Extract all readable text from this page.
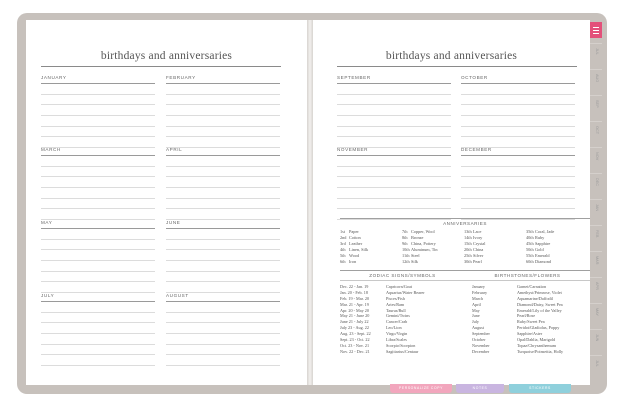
birthdays and anniversaries
JANUARY	FEBRUARY
MARCH	APRIL
MAY	JUNE
JULY	AUGUST
birthdays and anniversaries
SEPTEMBER	OCTOBER
NOVEMBER	DECEMBER
ANNIVERSARIES
1st Paper	7th Copper, Wool	13thLace	35thCoral, Jade
2nd Cotton	8th Bronze	14thIvory	40thRuby
3rd Leather	9th China, Pottery	15thCrystal	45thSapphire
4th Linen, Silk	10thAluminum, Tin	20thChina	50thGold
5th Wood	11th Steel	25thSilver	55thEmerald
6th Iron	12thSilk	30thPearl	60thDiamond
ZODIAC SIGNS/SYMBOLS	BIRTHSTONES/FLOWERS
Dec. 22 - Jan. 19	Capricorn/Goat	January	Garnet/Carnation
Jan. 20 - Feb. 18	Aquarius/Water Bearer	February	Amethyst/Primrose, Violet
Feb. 19 - Mar. 20	Pisces/Fish	March	Aquamarine/Daffodil
Mar. 21 - Apr. 19	Aries/Ram	April	Diamond/Daisy, Sweet Pea
Apr. 20 - May 20	Taurus/Bull	May	Emerald/Lily of the Valley
May 21 - June 20	Gemini/Twins	June	Pearl/Rose
June 21 - July 22	Cancer/Crab	July	Ruby/Sweet Pea
July 23 - Aug. 22	Leo/Lion	August	Peridot/Gladiolus, Poppy
Aug. 23 - Sept. 22	Virgo/Virgin	September	Sapphire/Aster
Sept. 23 - Oct. 22	Libra/Scales	October	Opal/Dahlia, Marigold
Oct. 23 - Nov. 21	Scorpio/Scorpion	November	Topaz/Chrysanthemum
Nov. 22 - Dec. 21	Sagittarius/Centaur	December	Turquoise/Poinsettia, Holly
JUL
AUG
SEP
OCT
NOV
DEC
JAN
FEB
MAR
APR
MAY
JUN
JUL
PERSONALIZE COPY	NOTES	STICKERS
